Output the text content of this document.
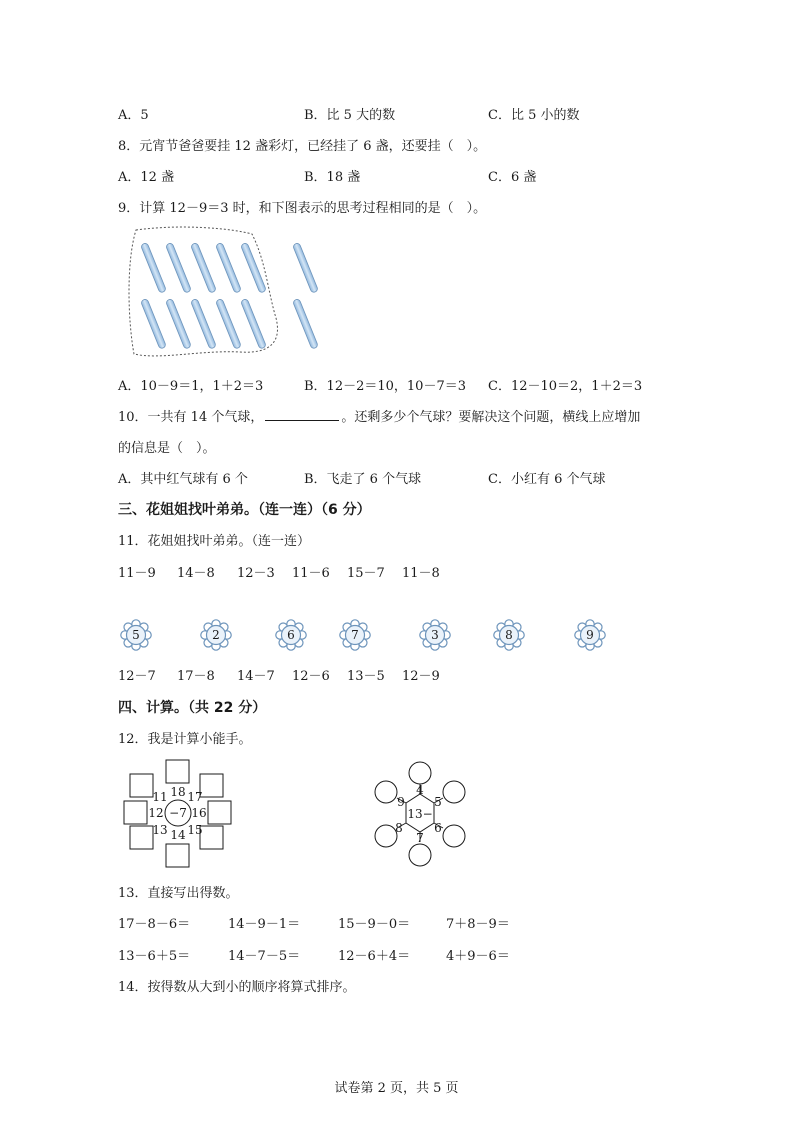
A．5	B．比 5 大的数	C．比 5 小的数
8．元宵节爸爸要挂 12 盏彩灯，已经挂了 6 盏，还要挂（　）。
A．12 盏	B．18 盏	C．6 盏
9．计算 12－9＝3 时，和下图表示的思考过程相同的是（　）。
A．10－9＝1，1＋2＝3	B．12－2＝10，10－7＝3 C．12－10＝2，1＋2＝3
10．一共有 14 个气球，	。还剩多少个气球？要解决这个问题，横线上应增加
的信息是（　）。
A．其中红气球有 6 个	B．飞走了 6 个气球	C．小红有 6 个气球
三、花姐姐找叶弟弟。（连一连）（6 分）
11．花姐姐找叶弟弟。（连一连）
11－9 14－8 12－3 11－6 15－7 11－8
5	2	6	7	3	8	9
12－7 17－8 14－7 12－6 13－5 12－9
四、计算。（共 22 分）
12．我是计算小能手。
−7
18 17
16
15
14
13
12
11
13−
4
5
6
7
8
9
13．直接写出得数。
17－8－6＝	14－9－1＝	15－9－0＝	7＋8－9＝
13－6＋5＝	14－7－5＝	12－6＋4＝	4＋9－6＝
14．按得数从大到小的顺序将算式排序。
试卷第 2 页，共 5 页
